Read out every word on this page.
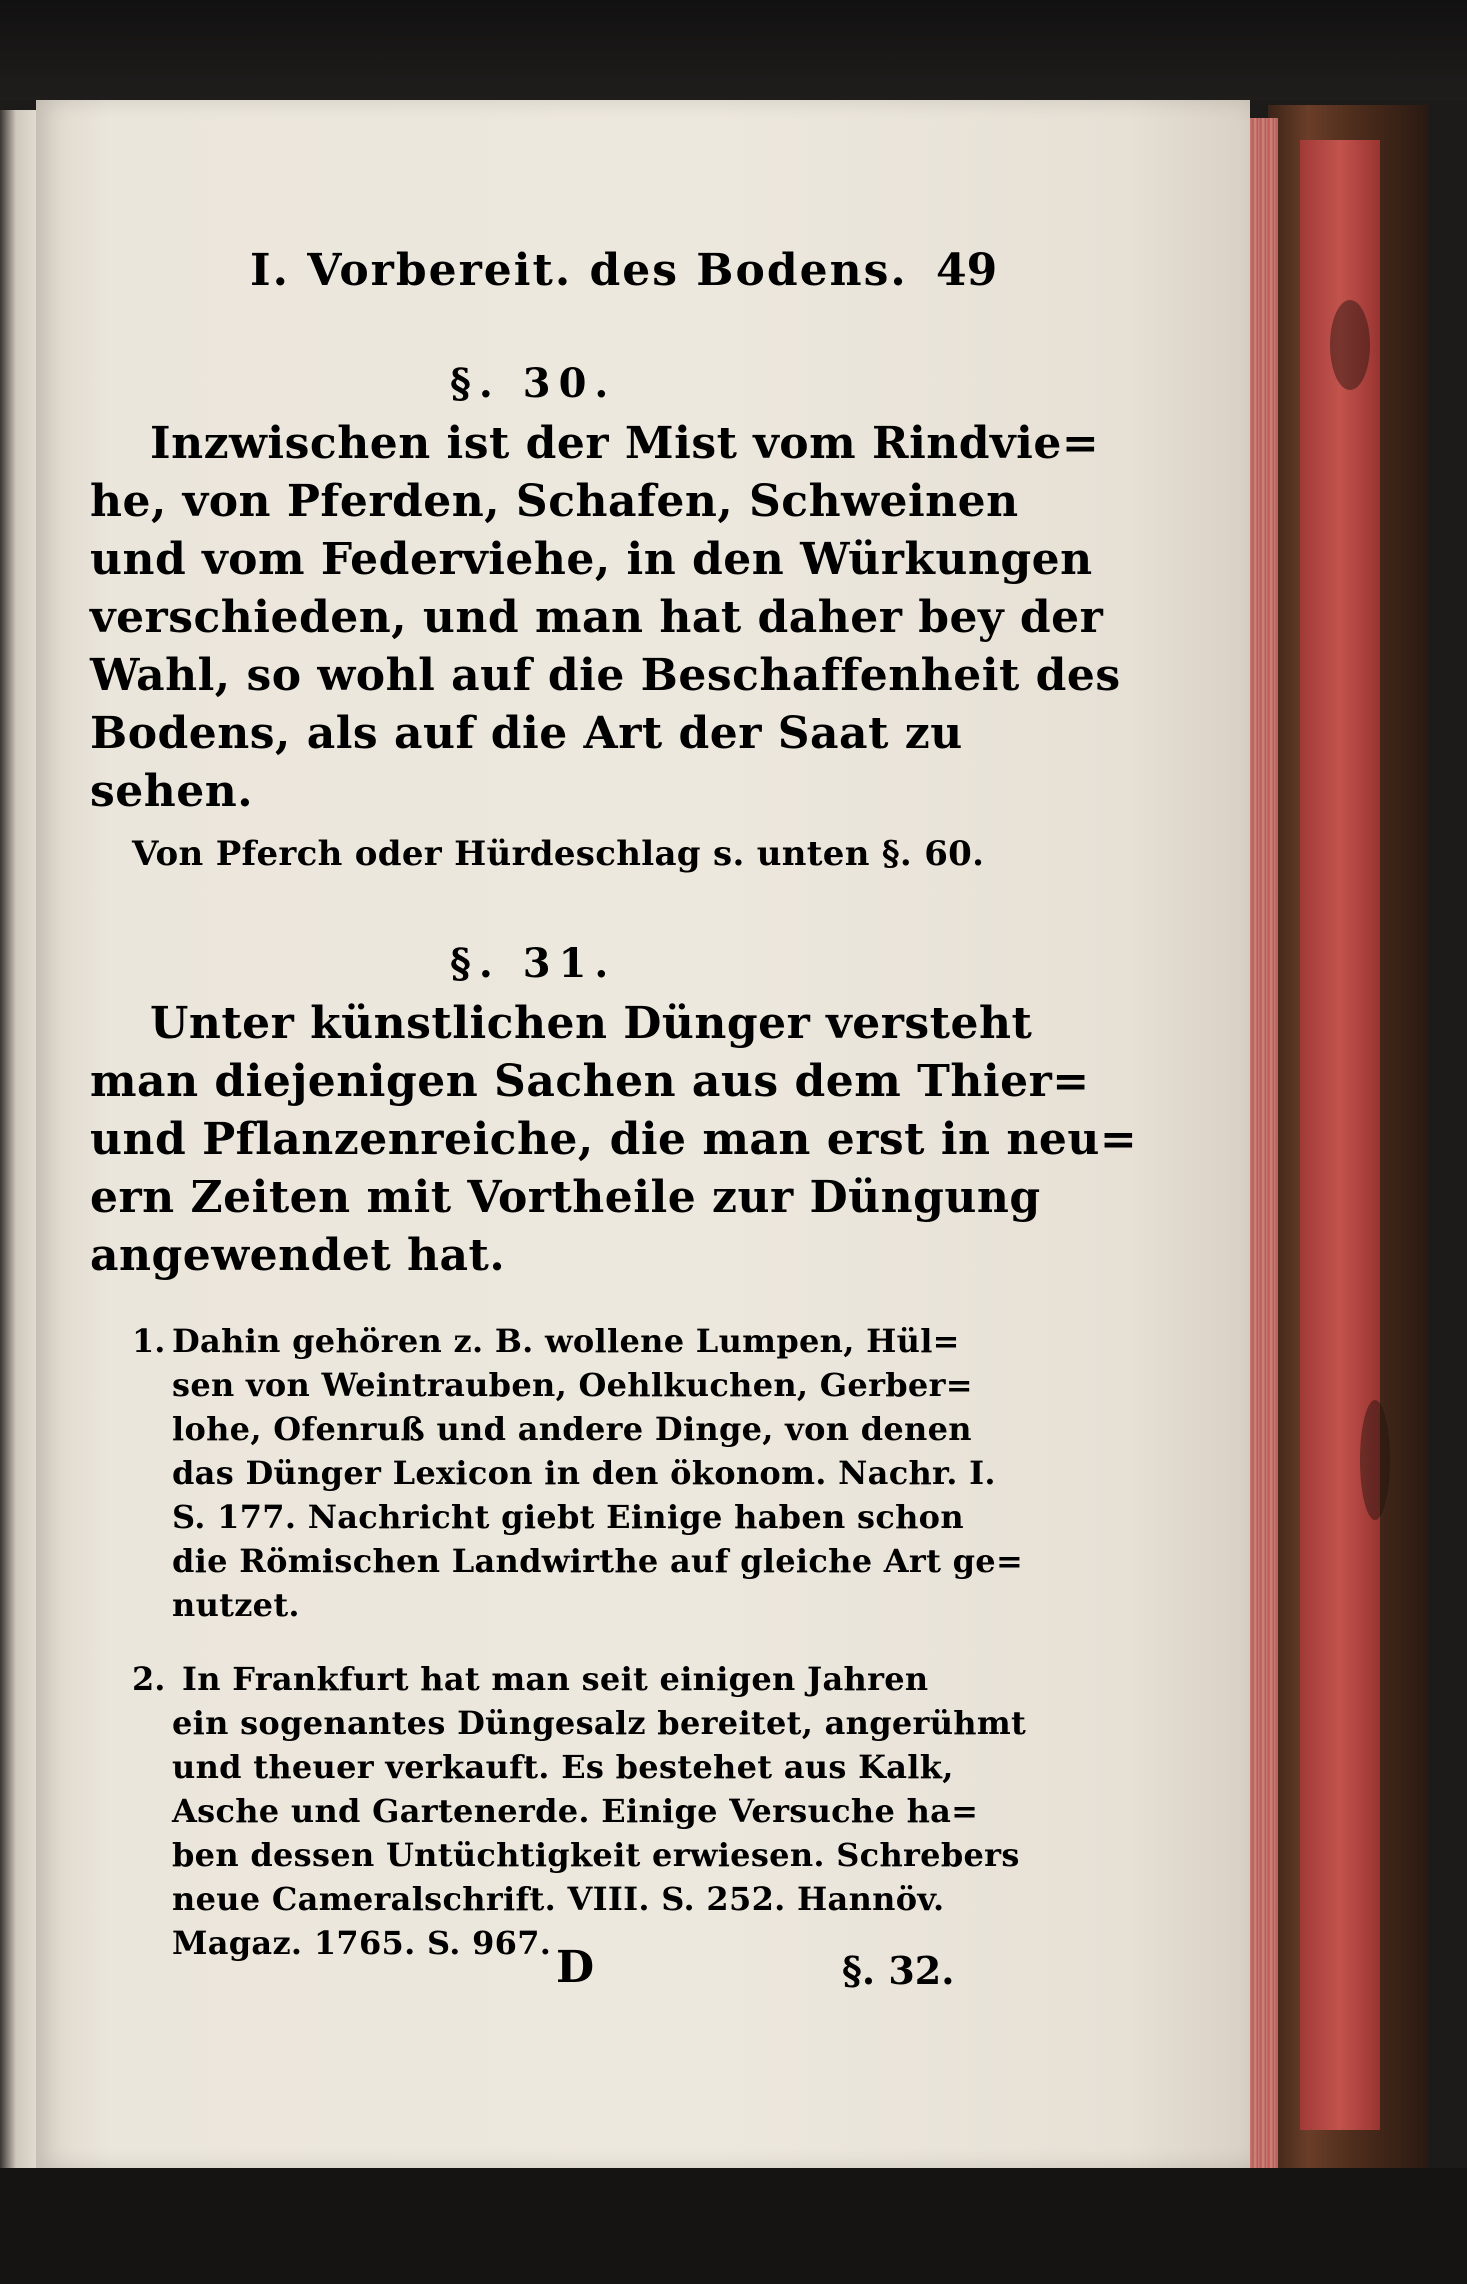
I. Vorbereit. des Bodens. 49
§. 30.
Inzwischen ist der Mist vom Rindvie=
he, von Pferden, Schafen, Schweinen
und vom Federviehe, in den Würkungen
verschieden, und man hat daher bey der
Wahl, so wohl auf die Beschaffenheit des
Bodens, als auf die Art der Saat zu
sehen.
Von Pferch oder Hürdeschlag s. unten §. 60.
§. 31.
Unter künstlichen Dünger versteht
man diejenigen Sachen aus dem Thier=
und Pflanzenreiche, die man erst in neu=
ern Zeiten mit Vortheile zur Düngung
angewendet hat.
1. Dahin gehören z. B. wollene Lumpen, Hül=
sen von Weintrauben, Oehlkuchen, Gerber=
lohe, Ofenruß und andere Dinge, von denen
das Dünger Lexicon in den ökonom. Nachr. I.
S. 177. Nachricht giebt Einige haben schon
die Römischen Landwirthe auf gleiche Art ge=
nutzet.
2. In Frankfurt hat man seit einigen Jahren
ein sogenantes Düngesalz bereitet, angerühmt
und theuer verkauft. Es bestehet aus Kalk,
Asche und Gartenerde. Einige Versuche ha=
ben dessen Untüchtigkeit erwiesen. Schrebers
neue Cameralschrift. VIII. S. 252. Hannöv.
Magaz. 1765. S. 967. D	§. 32.
